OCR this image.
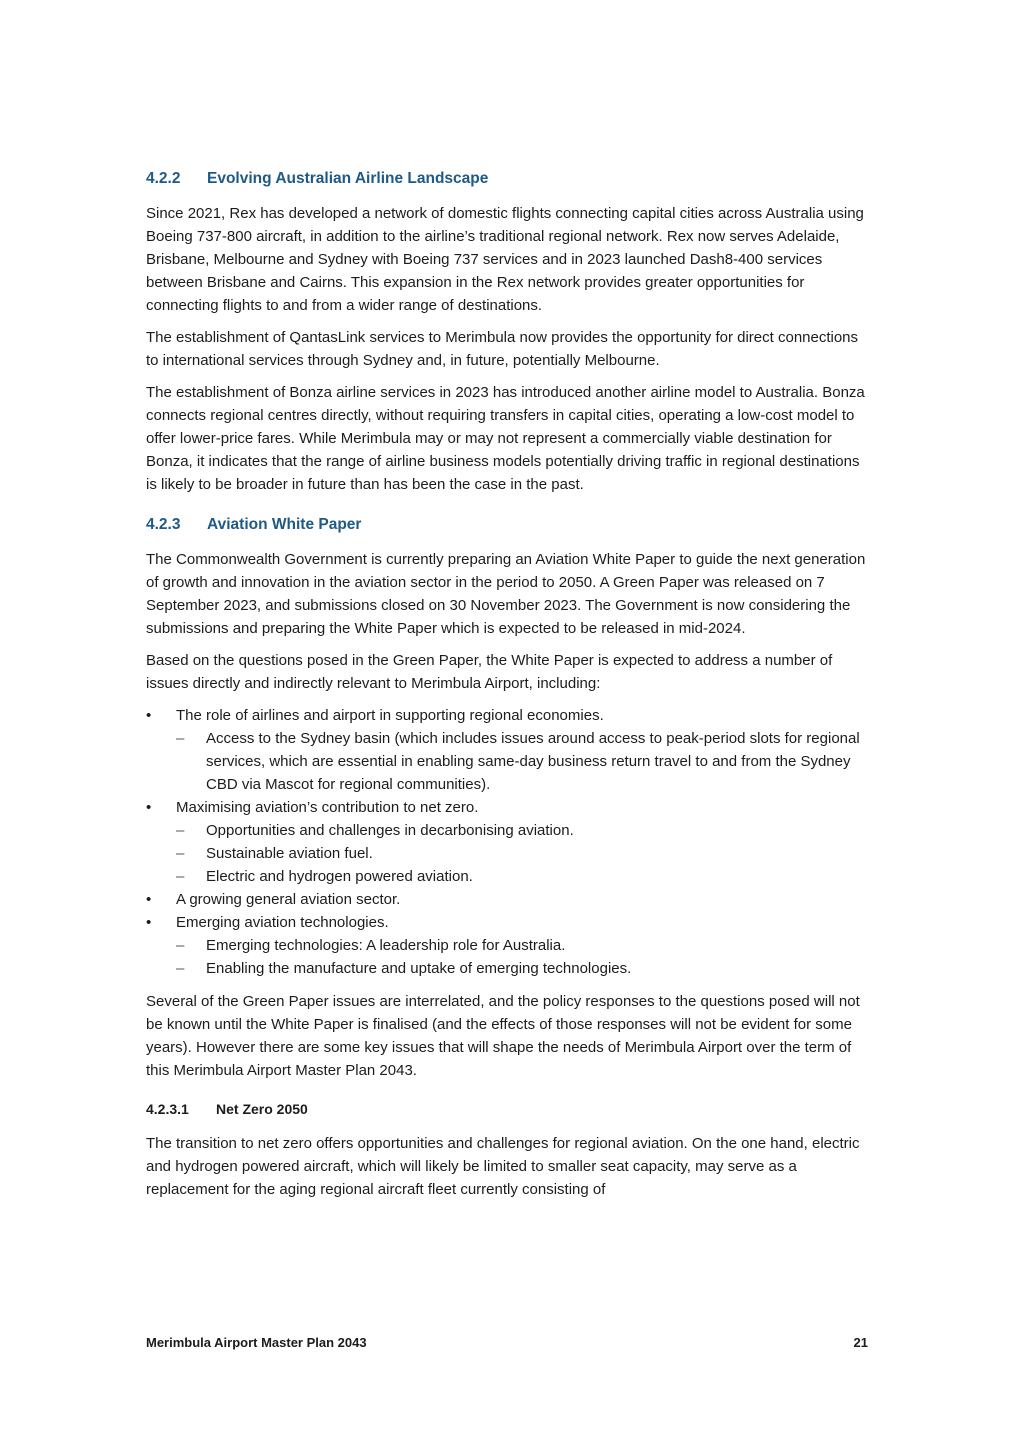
4.2.2 Evolving Australian Airline Landscape

Since 2021, Rex has developed a network of domestic flights connecting capital cities across Australia using Boeing 737-800 aircraft, in addition to the airline’s traditional regional network. Rex now serves Adelaide, Brisbane, Melbourne and Sydney with Boeing 737 services and in 2023 launched Dash8-400 services between Brisbane and Cairns. This expansion in the Rex network provides greater opportunities for connecting flights to and from a wider range of destinations.

The establishment of QantasLink services to Merimbula now provides the opportunity for direct connections to international services through Sydney and, in future, potentially Melbourne.

The establishment of Bonza airline services in 2023 has introduced another airline model to Australia. Bonza connects regional centres directly, without requiring transfers in capital cities, operating a low-cost model to offer lower-price fares. While Merimbula may or may not represent a commercially viable destination for Bonza, it indicates that the range of airline business models potentially driving traffic in regional destinations is likely to be broader in future than has been the case in the past.

4.2.3 Aviation White Paper

The Commonwealth Government is currently preparing an Aviation White Paper to guide the next generation of growth and innovation in the aviation sector in the period to 2050. A Green Paper was released on 7 September 2023, and submissions closed on 30 November 2023. The Government is now considering the submissions and preparing the White Paper which is expected to be released in mid-2024.

Based on the questions posed in the Green Paper, the White Paper is expected to address a number of issues directly and indirectly relevant to Merimbula Airport, including:

•	The role of airlines and airport in supporting regional economies.
–	Access to the Sydney basin (which includes issues around access to peak-period slots for regional services, which are essential in enabling same-day business return travel to and from the Sydney CBD via Mascot for regional communities).
•	Maximising aviation’s contribution to net zero.
–	Opportunities and challenges in decarbonising aviation.
–	Sustainable aviation fuel.
–	Electric and hydrogen powered aviation.
•	A growing general aviation sector.
•	Emerging aviation technologies.
–	Emerging technologies: A leadership role for Australia.
–	Enabling the manufacture and uptake of emerging technologies.

Several of the Green Paper issues are interrelated, and the policy responses to the questions posed will not be known until the White Paper is finalised (and the effects of those responses will not be evident for some years). However there are some key issues that will shape the needs of Merimbula Airport over the term of this Merimbula Airport Master Plan 2043.

4.2.3.1 Net Zero 2050

The transition to net zero offers opportunities and challenges for regional aviation. On the one hand, electric and hydrogen powered aircraft, which will likely be limited to smaller seat capacity, may serve as a replacement for the aging regional aircraft fleet currently consisting of

Merimbula Airport Master Plan 2043	21
